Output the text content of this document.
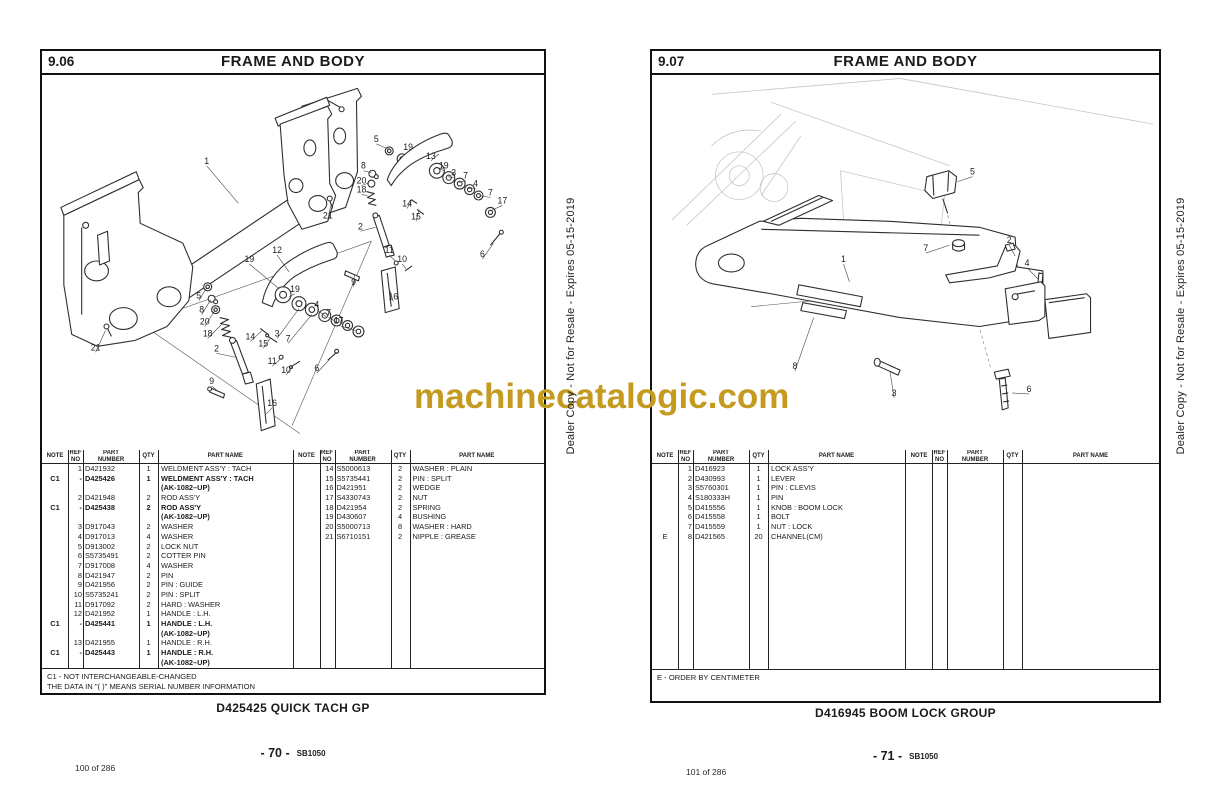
9.06	FRAME AND BODY
1
21
21
5
8
20
18
2
9
19
12
19
14
15
3 7
4
7
17
11
10
16
6
5
19
13
19
3 7
4
7
17
8
20
18
14
15
2
9
11
10
16
6
NOTE
REF
NO
PART
NUMBER
QTY	PART NAME
1 D421932	1	WELDMENT ASS'Y : TACH
C1	- D425426	1	WELDMENT ASS'Y : TACH
(AK-1082–UP)
2 D421948	2	ROD ASS'Y
C1	- D425438	2	ROD ASS'Y
(AK-1082–UP)
3 D917043	2	WASHER
4 D917013	4	WASHER
5 D913002	2	LOCK NUT
6 S5735491	2	COTTER PIN
7 D917008	4	WASHER
8 D421947	2	PIN
9 D421956	2	PIN : GUIDE
10 S5735241	2	PIN : SPLIT
11 D917092	2	HARD : WASHER
12 D421952	1	HANDLE : L.H.
C1	- D425441	1	HANDLE : L.H.
(AK-1082–UP)
13 D421955	1	HANDLE : R.H.
C1	- D425443	1	HANDLE : R.H.
(AK-1082–UP)
NOTE
REF
NO
PART
NUMBER
QTY	PART NAME
14 S5000613	2	WASHER : PLAIN
15 S5735441	2	PIN : SPLIT
16 D421951	2	WEDGE
17 S4330743	2	NUT
18 D421954	2	SPRING
19 D430607	4	BUSHING
20 S5000713	8	WASHER : HARD
21 S6710151	2	NIPPLE : GREASE
C1 - NOT INTERCHANGEABLE-CHANGED
THE DATA IN "( )" MEANS SERIAL NUMBER INFORMATION
9.07	FRAME AND BODY
5
7
2
4
1
8
3	6
NOTE
REF
NO
PART
NUMBER
QTY	PART NAME
1 D416923	1	LOCK ASS'Y
2 D430993	1	LEVER
3 S5760301	1	PIN : CLEVIS
4 S180333H	1	PIN
5 D415556	1	KNOB : BOOM LOCK
6 D415558	1	BOLT
7 D415559	1	NUT : LOCK
E	8 D421565	20	CHANNEL(CM)
NOTE
REF
NO
PART
NUMBER
QTY	PART NAME
E - ORDER BY CENTIMETER
D425425 QUICK TACH GP	D416945 BOOM LOCK GROUP
- 70 - SB1050	- 71 - SB1050
100 of 286	101 of 286
Dealer Copy - Not for Resale - Expires 05-15-2019	Dealer Copy - Not for Resale - Expires 05-15-2019
machinecatalogic.com
